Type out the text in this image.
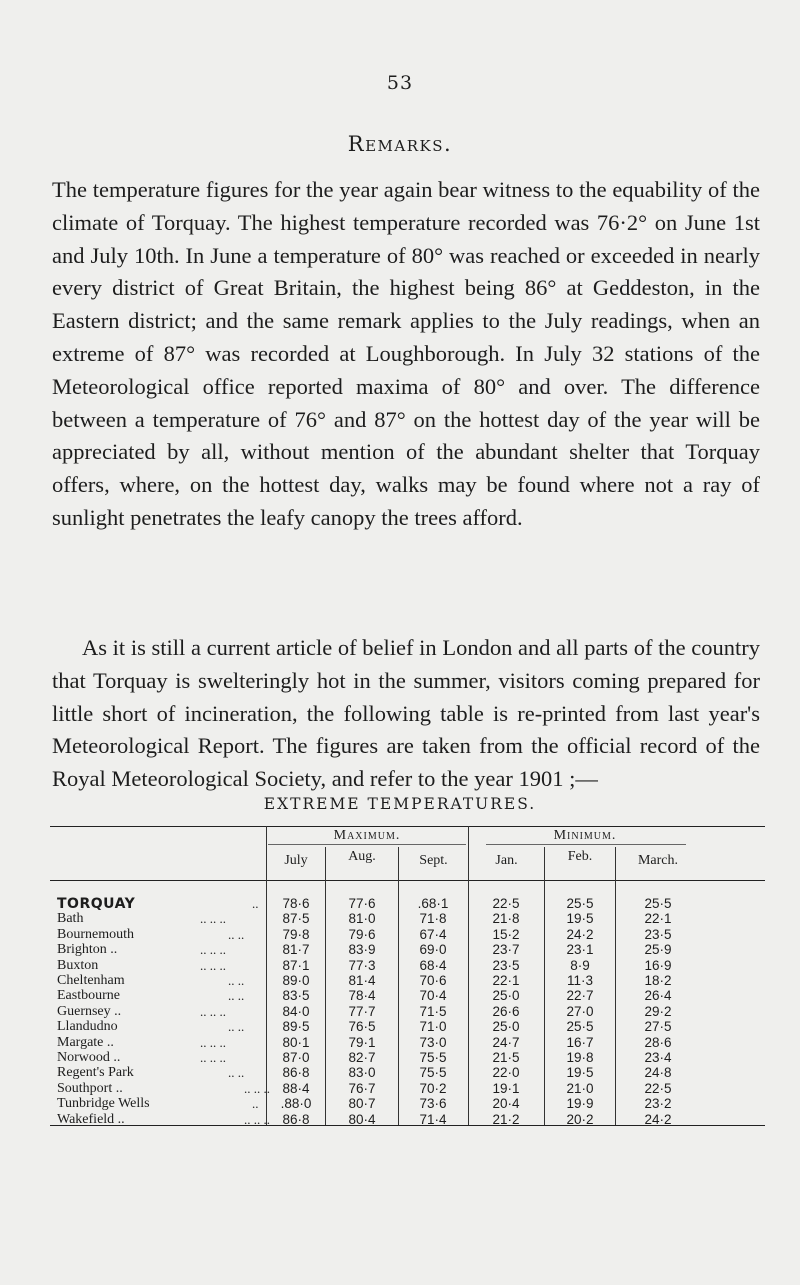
53
Remarks.

The temperature figures for the year again bear witness to the equability of the climate of Torquay. The highest temperature recorded was 76·2° on June 1st and July 10th. In June a temperature of 80° was reached or exceeded in nearly every district of Great Britain, the highest being 86° at Geddeston, in the Eastern district; and the same remark applies to the July readings, when an extreme of 87° was recorded at Loughborough. In July 32 stations of the Meteorological office reported maxima of 80° and over. The difference between a temperature of 76° and 87° on the hottest day of the year will be appreciated by all, without mention of the abundant shelter that Torquay offers, where, on the hottest day, walks may be found where not a ray of sunlight penetrates the leafy canopy the trees afford.

As it is still a current article of belief in London and all parts of the country that Torquay is swelteringly hot in the summer, visitors coming prepared for little short of incineration, the following table is re-printed from last year's Meteorological Report. The figures are taken from the official record of the Royal Meteorological Society, and refer to the year 1901 ;—

EXTREME TEMPERATURES.
Maximum.	Minimum.
July	Aug.	Sept.	Jan.	Feb.	March.
TORQUAY	..	78·6	77·6	.68·1	22·5	25·5	25·5
Bath	.. .. ..	87·5	81·0	71·8	21·8	19·5	22·1
Bournemouth	.. ..	79·8	79·6	67·4	15·2	24·2	23·5
Brighton ..	.. .. ..	81·7	83·9	69·0	23·7	23·1	25·9
Buxton	.. .. ..	87·1	77·3	68·4	23·5	8·9	16·9
Cheltenham	.. ..	89·0	81·4	70·6	22·1	11·3	18·2
Eastbourne	.. ..	83·5	78·4	70·4	25·0	22·7	26·4
Guernsey ..	.. .. ..	84·0	77·7	71·5	26·6	27·0	29·2
Llandudno	.. ..	89·5	76·5	71·0	25·0	25·5	27·5
Margate ..	.. .. ..	80·1	79·1	73·0	24·7	16·7	28·6
Norwood ..	.. .. ..	87·0	82·7	75·5	21·5	19·8	23·4
Regent's Park	.. ..	86·8	83·0	75·5	22·0	19·5	24·8
Southport ..	.. .. .. 88·4	76·7	70·2	19·1	21·0	22·5
Tunbridge Wells	..	.88·0	80·7	73·6	20·4	19·9	23·2
Wakefield ..	.. .. .. 86·8	80·4	71·4	21·2	20·2	24·2
